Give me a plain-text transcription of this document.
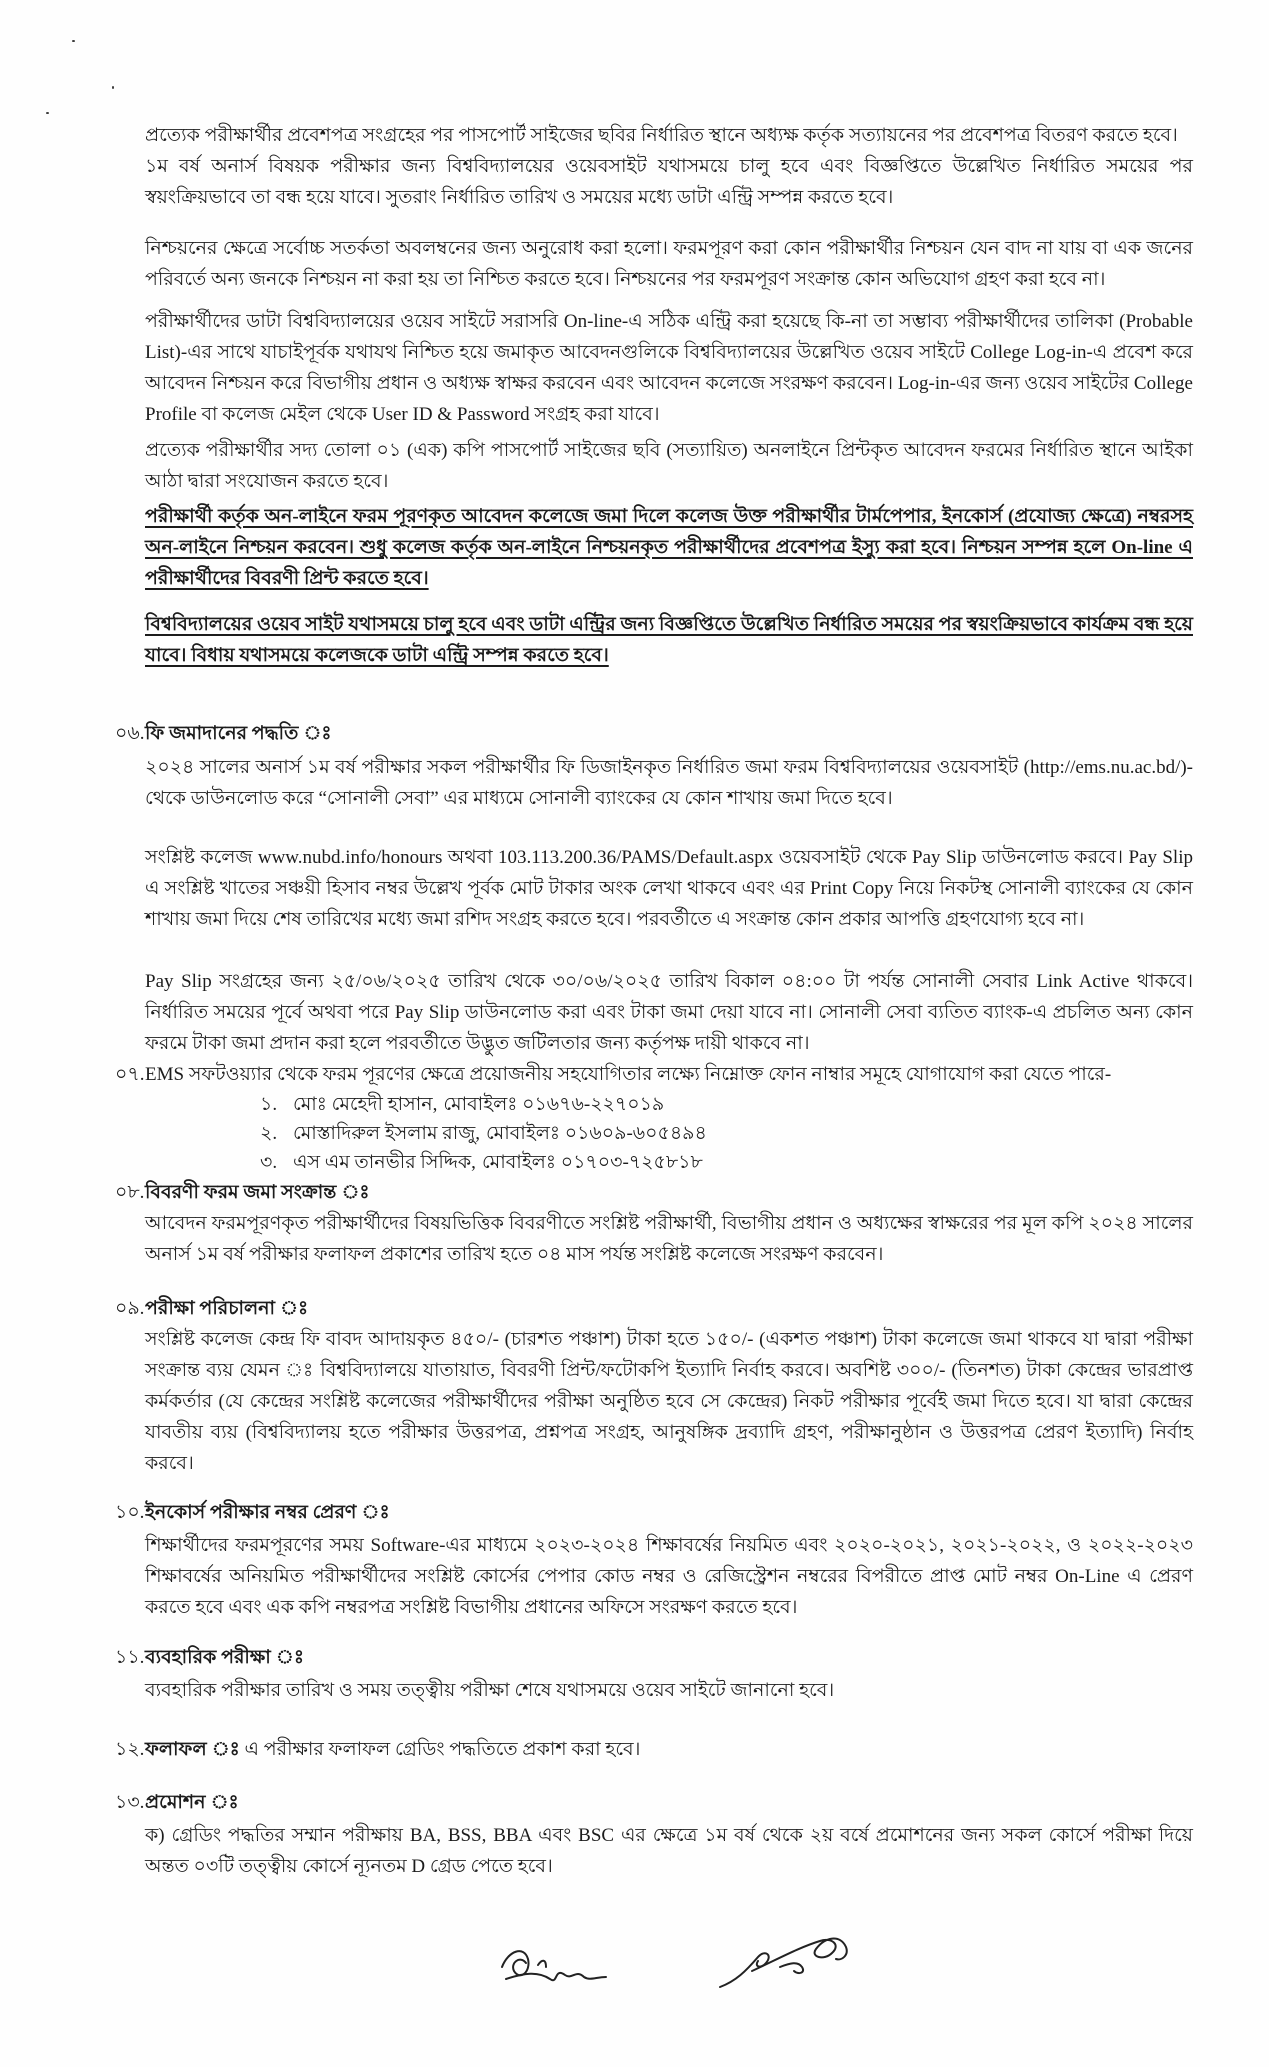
প্রত্যেক পরীক্ষার্থীর প্রবেশপত্র সংগ্রহের পর পাসপোর্ট সাইজের ছবির নির্ধারিত স্থানে অধ্যক্ষ কর্তৃক সত্যায়নের পর প্রবেশপত্র বিতরণ করতে হবে।

১ম বর্ষ অনার্স বিষয়ক পরীক্ষার জন্য বিশ্ববিদ্যালয়ের ওয়েবসাইট যথাসময়ে চালু হবে এবং বিজ্ঞপ্তিতে উল্লেখিত নির্ধারিত সময়ের পর স্বয়ংক্রিয়ভাবে তা বন্ধ হয়ে যাবে। সুতরাং নির্ধারিত তারিখ ও সময়ের মধ্যে ডাটা এন্ট্রি সম্পন্ন করতে হবে।

নিশ্চয়নের ক্ষেত্রে সর্বোচ্চ সতর্কতা অবলম্বনের জন্য অনুরোধ করা হলো। ফরমপূরণ করা কোন পরীক্ষার্থীর নিশ্চয়ন যেন বাদ না যায় বা এক জনের পরিবর্তে অন্য জনকে নিশ্চয়ন না করা হয় তা নিশ্চিত করতে হবে। নিশ্চয়নের পর ফরমপূরণ সংক্রান্ত কোন অভিযোগ গ্রহণ করা হবে না।

পরীক্ষার্থীদের ডাটা বিশ্ববিদ্যালয়ের ওয়েব সাইটে সরাসরি On-line-এ সঠিক এন্ট্রি করা হয়েছে কি-না তা সম্ভাব্য পরীক্ষার্থীদের তালিকা (Probable List)-এর সাথে যাচাইপূর্বক যথাযথ নিশ্চিত হয়ে জমাকৃত আবেদনগুলিকে বিশ্ববিদ্যালয়ের উল্লেখিত ওয়েব সাইটে College Log-in-এ প্রবেশ করে আবেদন নিশ্চয়ন করে বিভাগীয় প্রধান ও অধ্যক্ষ স্বাক্ষর করবেন এবং আবেদন কলেজে সংরক্ষণ করবেন। Log-in-এর জন্য ওয়েব সাইটের College Profile বা কলেজ মেইল থেকে User ID & Password সংগ্রহ করা যাবে।

প্রত্যেক পরীক্ষার্থীর সদ্য তোলা ০১ (এক) কপি পাসপোর্ট সাইজের ছবি (সত্যায়িত) অনলাইনে প্রিন্টকৃত আবেদন ফরমের নির্ধারিত স্থানে আইকা আঠা দ্বারা সংযোজন করতে হবে।

পরীক্ষার্থী কর্তৃক অন-লাইনে ফরম পূরণকৃত আবেদন কলেজে জমা দিলে কলেজ উক্ত পরীক্ষার্থীর টার্মপেপার, ইনকোর্স (প্রযোজ্য ক্ষেত্রে) নম্বরসহ অন-লাইনে নিশ্চয়ন করবেন। শুধু কলেজ কর্তৃক অন-লাইনে নিশ্চয়নকৃত পরীক্ষার্থীদের প্রবেশপত্র ইস্যু করা হবে। নিশ্চয়ন সম্পন্ন হলে On-line এ পরীক্ষার্থীদের বিবরণী প্রিন্ট করতে হবে।

বিশ্ববিদ্যালয়ের ওয়েব সাইট যথাসময়ে চালু হবে এবং ডাটা এন্ট্রির জন্য বিজ্ঞপ্তিতে উল্লেখিত নির্ধারিত সময়ের পর স্বয়ংক্রিয়ভাবে কার্যক্রম বন্ধ হয়ে যাবে। বিধায় যথাসময়ে কলেজকে ডাটা এন্ট্রি সম্পন্ন করতে হবে।

০৬. ফি জমাদানের পদ্ধতি ঃ

২০২৪ সালের অনার্স ১ম বর্ষ পরীক্ষার সকল পরীক্ষার্থীর ফি ডিজাইনকৃত নির্ধারিত জমা ফরম বিশ্ববিদ্যালয়ের ওয়েবসাইট (http://ems.nu.ac.bd/)-থেকে ডাউনলোড করে “সোনালী সেবা” এর মাধ্যমে সোনালী ব্যাংকের যে কোন শাখায় জমা দিতে হবে।

সংশ্লিষ্ট কলেজ www.nubd.info/honours অথবা 103.113.200.36/PAMS/Default.aspx ওয়েবসাইট থেকে Pay Slip ডাউনলোড করবে। Pay Slip এ সংশ্লিষ্ট খাতের সঞ্চয়ী হিসাব নম্বর উল্লেখ পূর্বক মোট টাকার অংক লেখা থাকবে এবং এর Print Copy নিয়ে নিকটস্থ সোনালী ব্যাংকের যে কোন শাখায় জমা দিয়ে শেষ তারিখের মধ্যে জমা রশিদ সংগ্রহ করতে হবে। পরবর্তীতে এ সংক্রান্ত কোন প্রকার আপত্তি গ্রহণযোগ্য হবে না।

Pay Slip সংগ্রহের জন্য ২৫/০৬/২০২৫ তারিখ থেকে ৩০/০৬/২০২৫ তারিখ বিকাল ০৪:০০ টা পর্যন্ত সোনালী সেবার Link Active থাকবে। নির্ধারিত সময়ের পূর্বে অথবা পরে Pay Slip ডাউনলোড করা এবং টাকা জমা দেয়া যাবে না। সোনালী সেবা ব্যতিত ব্যাংক-এ প্রচলিত অন্য কোন ফরমে টাকা জমা প্রদান করা হলে পরবর্তীতে উদ্ভুত জটিলতার জন্য কর্তৃপক্ষ দায়ী থাকবে না।

০৭. EMS সফটওয়্যার থেকে ফরম পূরণের ক্ষেত্রে প্রয়োজনীয় সহযোগিতার লক্ষ্যে নিম্নোক্ত ফোন নাম্বার সমূহে যোগাযোগ করা যেতে পারে-
১. মোঃ মেহেদী হাসান, মোবাইলঃ ০১৬৭৬-২২৭০১৯
২. মোস্তাদিরুল ইসলাম রাজু, মোবাইলঃ ০১৬০৯-৬০৫৪৯৪
৩. এস এম তানভীর সিদ্দিক, মোবাইলঃ ০১৭০৩-৭২৫৮১৮
০৮. বিবরণী ফরম জমা সংক্রান্ত ঃ

আবেদন ফরমপূরণকৃত পরীক্ষার্থীদের বিষয়ভিত্তিক বিবরণীতে সংশ্লিষ্ট পরীক্ষার্থী, বিভাগীয় প্রধান ও অধ্যক্ষের স্বাক্ষরের পর মূল কপি ২০২৪ সালের অনার্স ১ম বর্ষ পরীক্ষার ফলাফল প্রকাশের তারিখ হতে ০৪ মাস পর্যন্ত সংশ্লিষ্ট কলেজে সংরক্ষণ করবেন।

০৯. পরীক্ষা পরিচালনা ঃ

সংশ্লিষ্ট কলেজ কেন্দ্র ফি বাবদ আদায়কৃত ৪৫০/- (চারশত পঞ্চাশ) টাকা হতে ১৫০/- (একশত পঞ্চাশ) টাকা কলেজে জমা থাকবে যা দ্বারা পরীক্ষা সংক্রান্ত ব্যয় যেমন ঃ বিশ্ববিদ্যালয়ে যাতায়াত, বিবরণী প্রিন্ট/ফটোকপি ইত্যাদি নির্বাহ করবে। অবশিষ্ট ৩০০/- (তিনশত) টাকা কেন্দ্রের ভারপ্রাপ্ত কর্মকর্তার (যে কেন্দ্রের সংশ্লিষ্ট কলেজের পরীক্ষার্থীদের পরীক্ষা অনুষ্ঠিত হবে সে কেন্দ্রের) নিকট পরীক্ষার পূর্বেই জমা দিতে হবে। যা দ্বারা কেন্দ্রের যাবতীয় ব্যয় (বিশ্ববিদ্যালয় হতে পরীক্ষার উত্তরপত্র, প্রশ্নপত্র সংগ্রহ, আনুষঙ্গিক দ্রব্যাদি গ্রহণ, পরীক্ষানুষ্ঠান ও উত্তরপত্র প্রেরণ ইত্যাদি) নির্বাহ করবে।

১০. ইনকোর্স পরীক্ষার নম্বর প্রেরণ ঃ

শিক্ষার্থীদের ফরমপূরণের সময় Software-এর মাধ্যমে ২০২৩-২০২৪ শিক্ষাবর্ষের নিয়মিত এবং ২০২০-২০২১, ২০২১-২০২২, ও ২০২২-২০২৩ শিক্ষাবর্ষের অনিয়মিত পরীক্ষার্থীদের সংশ্লিষ্ট কোর্সের পেপার কোড নম্বর ও রেজিস্ট্রেশন নম্বরের বিপরীতে প্রাপ্ত মোট নম্বর On-Line এ প্রেরণ করতে হবে এবং এক কপি নম্বরপত্র সংশ্লিষ্ট বিভাগীয় প্রধানের অফিসে সংরক্ষণ করতে হবে।

১১. ব্যবহারিক পরীক্ষা ঃ

ব্যবহারিক পরীক্ষার তারিখ ও সময় তত্ত্বীয় পরীক্ষা শেষে যথাসময়ে ওয়েব সাইটে জানানো হবে।

১২. ফলাফল ঃ এ পরীক্ষার ফলাফল গ্রেডিং পদ্ধতিতে প্রকাশ করা হবে।
১৩. প্রমোশন ঃ

ক) গ্রেডিং পদ্ধতির সম্মান পরীক্ষায় BA, BSS, BBA এবং BSC এর ক্ষেত্রে ১ম বর্ষ থেকে ২য় বর্ষে প্রমোশনের জন্য সকল কোর্সে পরীক্ষা দিয়ে অন্তত ০৩টি তত্ত্বীয় কোর্সে ন্যূনতম D গ্রেড পেতে হবে।
